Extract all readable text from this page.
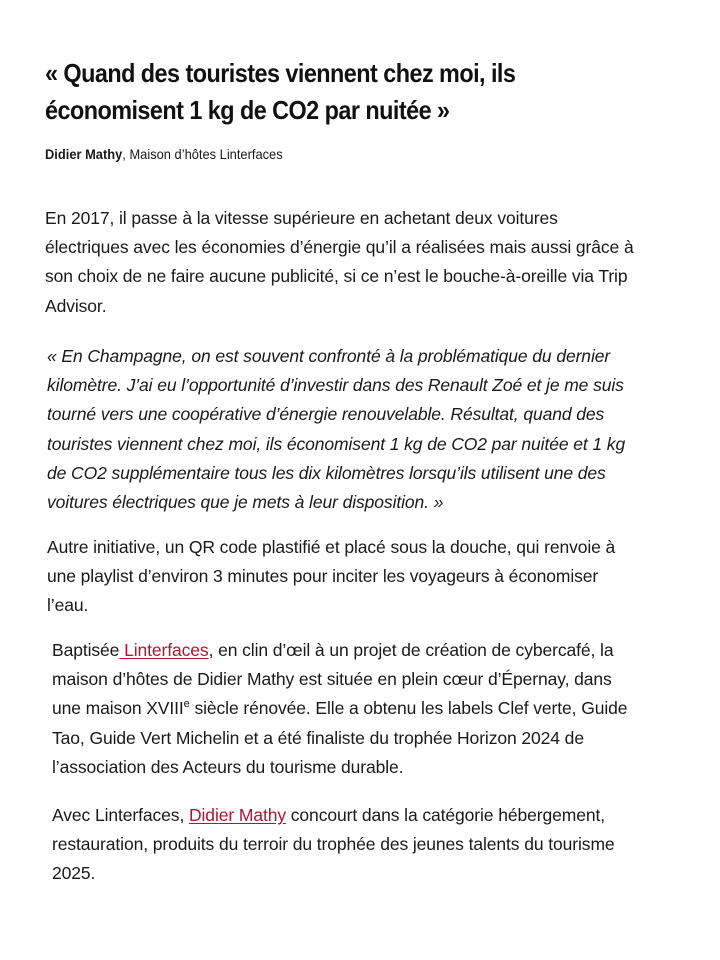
« Quand des touristes viennent chez moi, ils
économisent 1 kg de CO2 par nuitée »
Didier Mathy, Maison d’hôtes Linterfaces

En 2017, il passe à la vitesse supérieure en achetant deux voitures
électriques avec les économies d’énergie qu’il a réalisées mais aussi grâce à
son choix de ne faire aucune publicité, si ce n’est le bouche-à-oreille via Trip
Advisor.

« En Champagne, on est souvent confronté à la problématique du dernier
kilomètre. J’ai eu l’opportunité d’investir dans des Renault Zoé et je me suis
tourné vers une coopérative d’énergie renouvelable. Résultat, quand des
touristes viennent chez moi, ils économisent 1 kg de CO2 par nuitée et 1 kg
de CO2 supplémentaire tous les dix kilomètres lorsqu’ils utilisent une des
voitures électriques que je mets à leur disposition. »

Autre initiative, un QR code plastifié et placé sous la douche, qui renvoie à
une playlist d’environ 3 minutes pour inciter les voyageurs à économiser
l’eau.

Baptisée Linterfaces, en clin d’œil à un projet de création de cybercafé, la
maison d’hôtes de Didier Mathy est située en plein cœur d’Épernay, dans
une maison XVIIIe siècle rénovée. Elle a obtenu les labels Clef verte, Guide
Tao, Guide Vert Michelin et a été finaliste du trophée Horizon 2024 de
l’association des Acteurs du tourisme durable.

Avec Linterfaces, Didier Mathy concourt dans la catégorie hébergement,
restauration, produits du terroir du trophée des jeunes talents du tourisme
2025.
